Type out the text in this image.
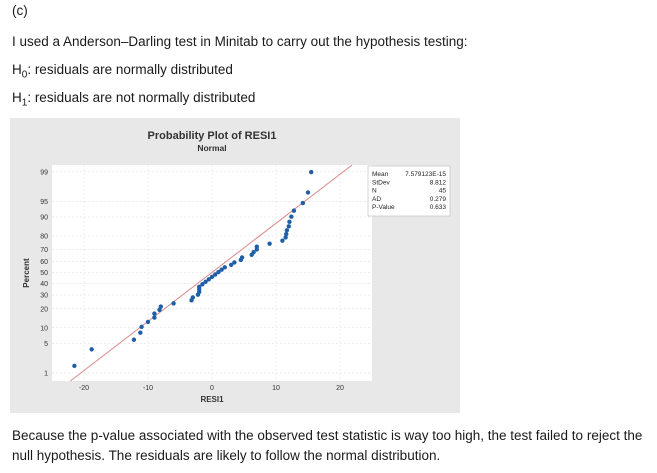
(c)
I used a Anderson–Darling test in Minitab to carry out the hypothesis testing:
$H_0$: residuals are normally distributed
$H_1$: residuals are not normally distributed
-20	-10	0	10	20
1
5
10
20
30
40
50
60
70
80
90
95
99
Probability Plot of RESI1
Normal
RESI1
Percent
Mean	7.579123E-15
StDev	8.812
N	45
AD	0.279
P-Value	0.633
Because the p-value associated with the observed test statistic is way too high, the test failed to reject the null hypothesis. The residuals are likely to follow the normal distribution.
